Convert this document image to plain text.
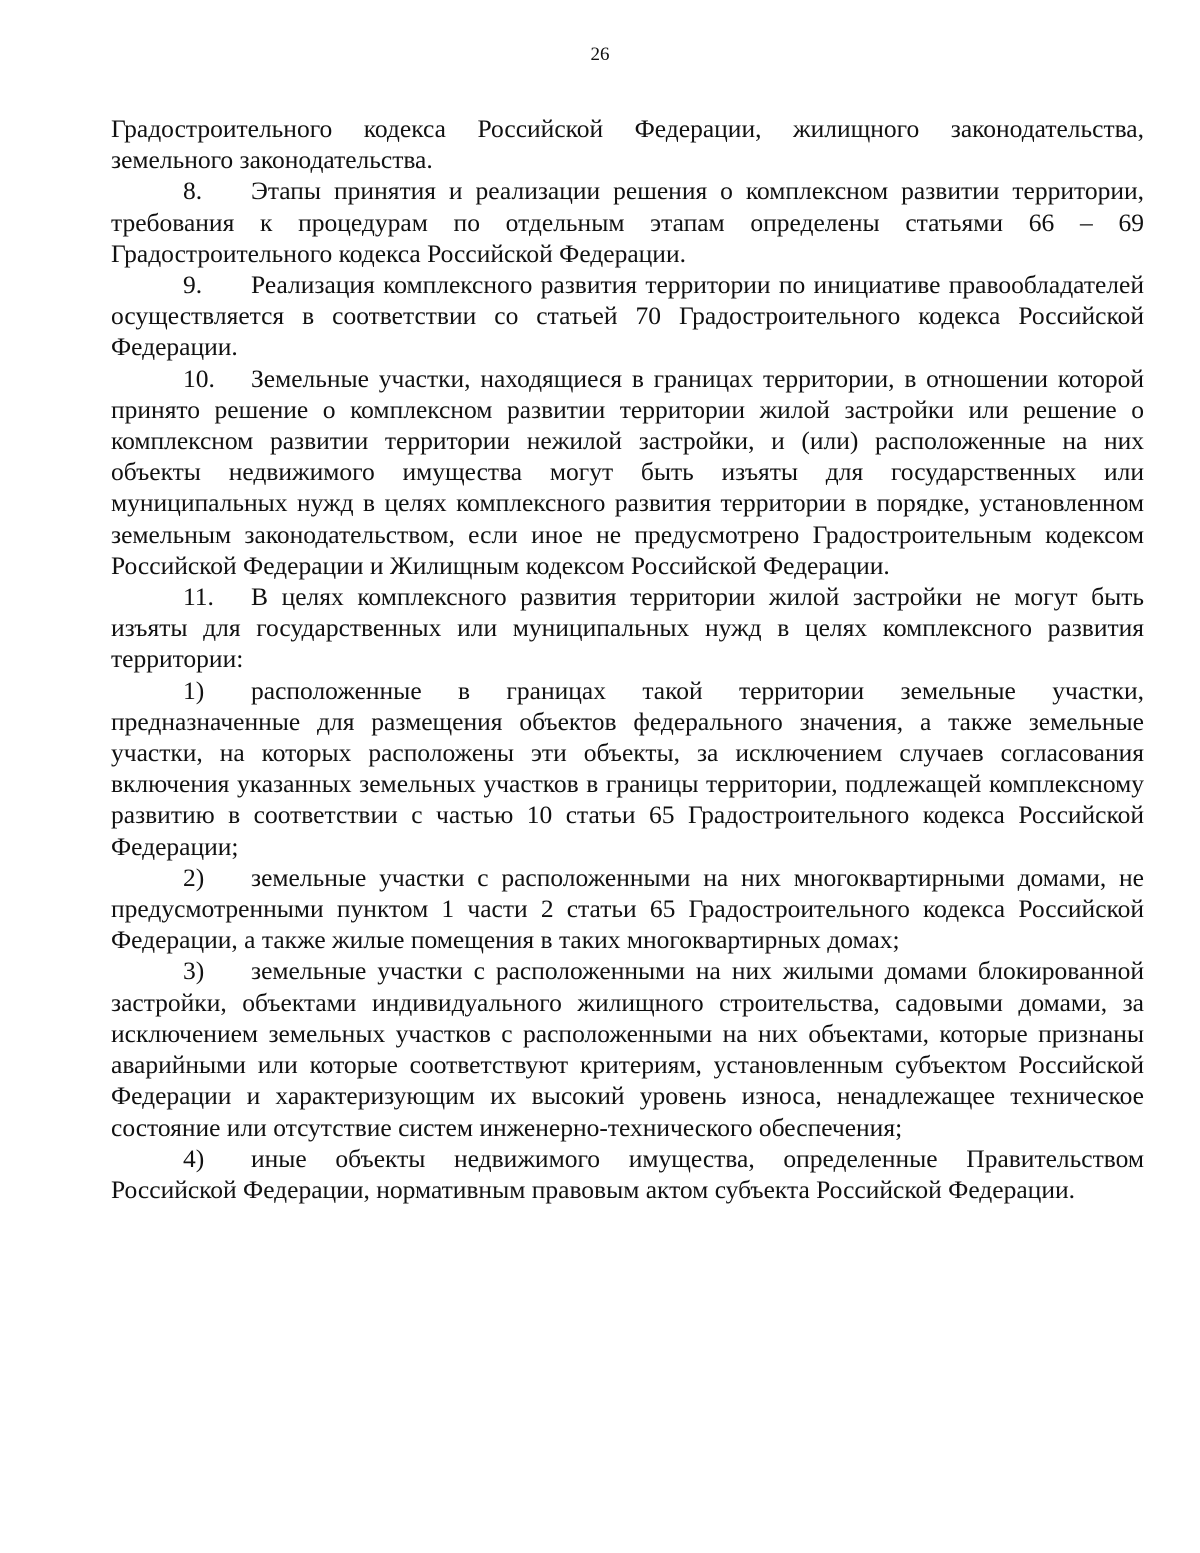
26

Градостроительного кодекса Российской Федерации, жилищного законодательства, земельного законодательства.

8. Этапы принятия и реализации решения о комплексном развитии территории, требования к процедурам по отдельным этапам определены статьями 66 – 69 Градостроительного кодекса Российской Федерации.

9. Реализация комплексного развития территории по инициативе правообладателей осуществляется в соответствии со статьей 70 Градостроительного кодекса Российской Федерации.

10. Земельные участки, находящиеся в границах территории, в отношении которой принято решение о комплексном развитии территории жилой застройки или решение о комплексном развитии территории нежилой застройки, и (или) расположенные на них объекты недвижимого имущества могут быть изъяты для государственных или муниципальных нужд в целях комплексного развития территории в порядке, установленном земельным законодательством, если иное не предусмотрено Градостроительным кодексом Российской Федерации и Жилищным кодексом Российской Федерации.

11. В целях комплексного развития территории жилой застройки не могут быть изъяты для государственных или муниципальных нужд в целях комплексного развития территории:

1) расположенные в границах такой территории земельные участки, предназначенные для размещения объектов федерального значения, а также земельные участки, на которых расположены эти объекты, за исключением случаев согласования включения указанных земельных участков в границы территории, подлежащей комплексному развитию в соответствии с частью 10 статьи 65 Градостроительного кодекса Российской Федерации;

2) земельные участки с расположенными на них многоквартирными домами, не предусмотренными пунктом 1 части 2 статьи 65 Градостроительного кодекса Российской Федерации, а также жилые помещения в таких многоквартирных домах;

3) земельные участки с расположенными на них жилыми домами блокированной застройки, объектами индивидуального жилищного строительства, садовыми домами, за исключением земельных участков с расположенными на них объектами, которые признаны аварийными или которые соответствуют критериям, установленным субъектом Российской Федерации и характеризующим их высокий уровень износа, ненадлежащее техническое состояние или отсутствие систем инженерно-технического обеспечения;

4) иные объекты недвижимого имущества, определенные Правительством Российской Федерации, нормативным правовым актом субъекта Российской Федерации.
